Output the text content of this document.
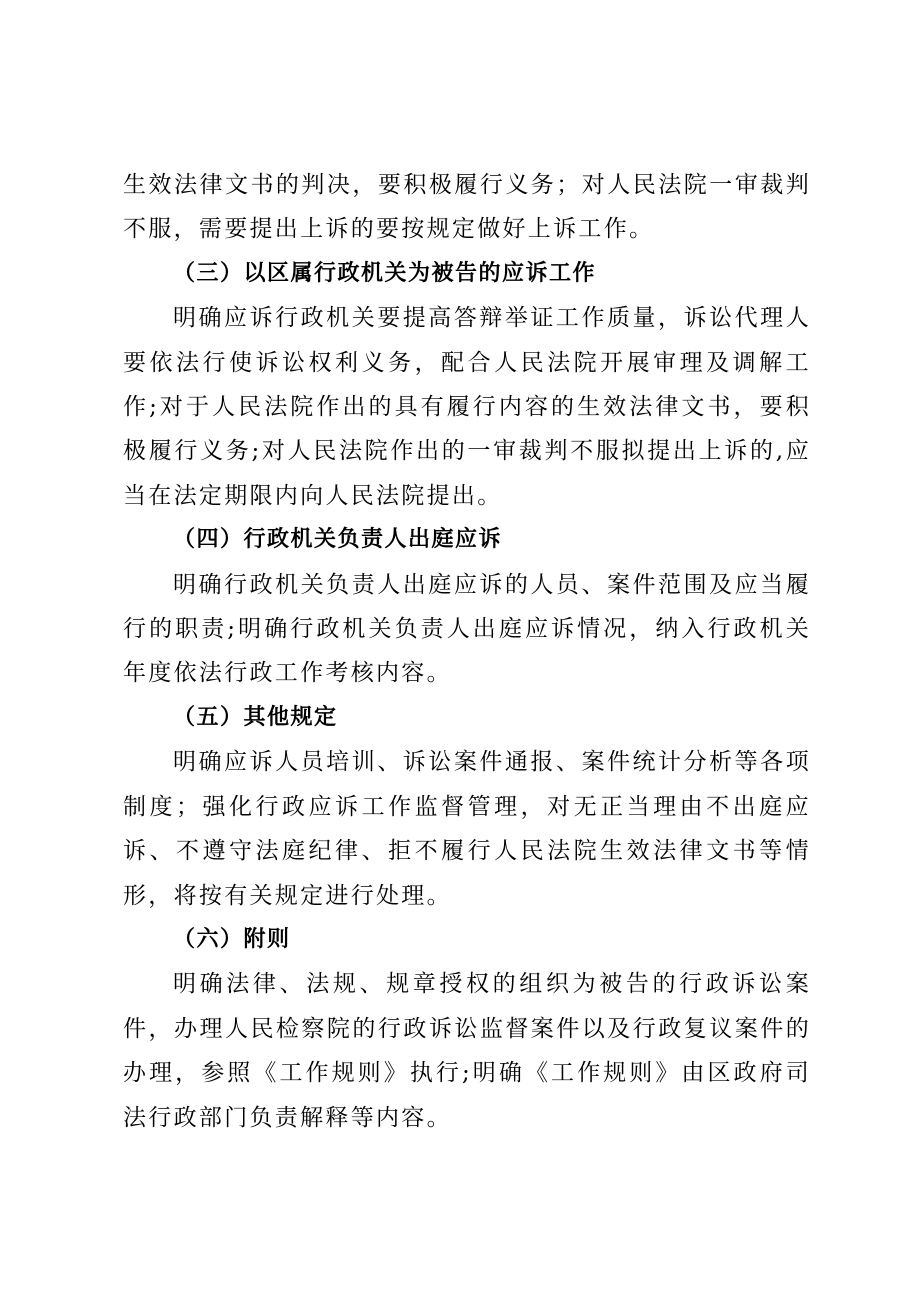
生效法律文书的判决，要积极履行义务；对人民法院一审裁判不服，需要提出上诉的要按规定做好上诉工作。

（三）以区属行政机关为被告的应诉工作

明确应诉行政机关要提高答辩举证工作质量，诉讼代理人要依法行使诉讼权利义务，配合人民法院开展审理及调解工作;对于人民法院作出的具有履行内容的生效法律文书，要积极履行义务;对人民法院作出的一审裁判不服拟提出上诉的,应当在法定期限内向人民法院提出。

（四）行政机关负责人出庭应诉

明确行政机关负责人出庭应诉的人员、案件范围及应当履行的职责;明确行政机关负责人出庭应诉情况，纳入行政机关年度依法行政工作考核内容。

（五）其他规定

明确应诉人员培训、诉讼案件通报、案件统计分析等各项制度；强化行政应诉工作监督管理，对无正当理由不出庭应诉、不遵守法庭纪律、拒不履行人民法院生效法律文书等情形，将按有关规定进行处理。

（六）附则

明确法律、法规、规章授权的组织为被告的行政诉讼案件，办理人民检察院的行政诉讼监督案件以及行政复议案件的办理，参照《工作规则》执行;明确《工作规则》由区政府司法行政部门负责解释等内容。
